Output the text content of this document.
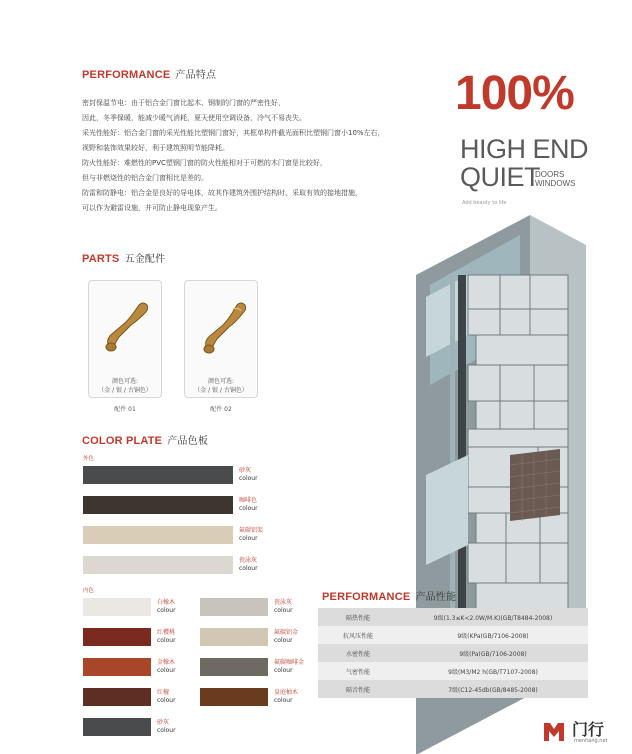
PERFORMANCE 产品特点
密封保温节电：由于铝合金门窗比起木、钢制的门窗的严密性好，
因此，冬季保暖，能减少暖气消耗，夏天使用空调设备，冷气不易丧失。
采光性能好：铝合金门窗的采光性能比塑钢门窗好，其框单构件截光面积比塑钢门窗小10%左右，
视野和装饰效果较好，利于建筑照明节能降耗。
防火性能好：难燃性的PVC塑钢门窗的防火性能相对于可燃的木门窗是比较好，
但与非燃烧性的铝合金门窗相比是差的。
防雷和防静电：铝合金是良好的导电体，故其作建筑外围护结构时，采取有效的接地措施，
可以作为避雷设施，并可防止静电现象产生。
100%
HIGH END
QUIET
DOORS
WINDOWS
Add beauty to life
PARTS 五金配件
颜色可选:
（金 / 银 / 古铜色）
配件 01
颜色可选:
（金 / 银 / 古铜色）
配件 02
COLOR PLATE 产品色板
外色
砂灰
colour
咖啡色
colour
氟碳铝渠
colour
瓷泳灰
colour
内色
白橡木
colour
红樱桃
colour
金橡木
colour
红檀
colour
砂灰
colour
瓷泳灰
colour
氟碳铝金
colour
氟碳咖啡金
colour
皇庭柚木
colour
PERFORMANCE 产品性能
隔热性能	9级(1.3≤K<2.0W/M.K)(GB/T8484-2008)
抗风压性能	9级(KPa(GB/7106-2008)
水密性能	9级(Pa(GB/7106-2008)
气密性能	9级(M3/M2 h(GB/T7107-2008)
隔音性能	7级(C12-45db(GB/8485-2008)
门行
menhang.net
